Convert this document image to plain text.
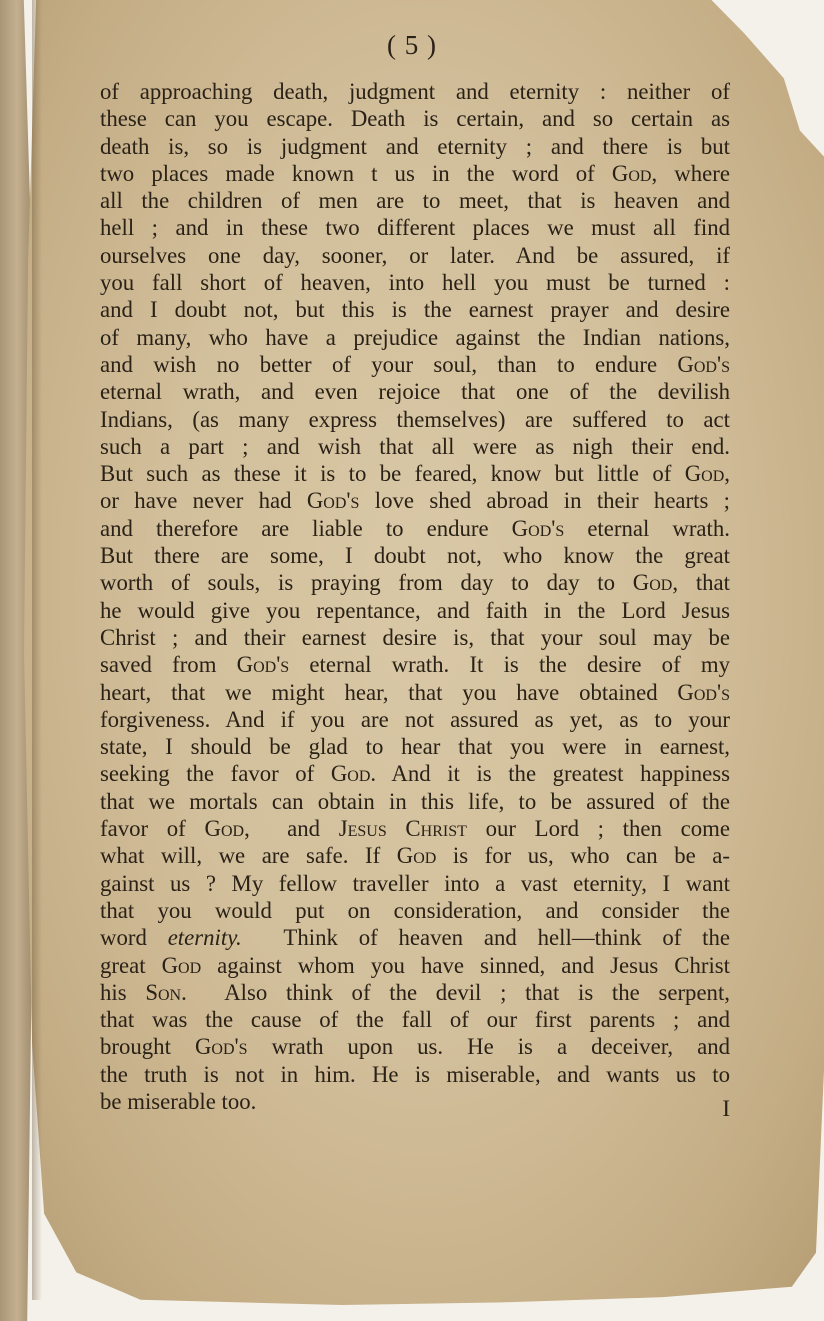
( 5 )
of approaching death, judgment and eternity : neither of
these can you escape. Death is certain, and so certain as
death is, so is judgment and eternity ; and there is but
two places made known t us in the word of God, where
all the children of men are to meet, that is heaven and
hell ; and in these two different places we must all find
ourselves one day, sooner, or later. And be assured, if
you fall short of heaven, into hell you must be turned :
and I doubt not, but this is the earnest prayer and desire
of many, who have a prejudice against the Indian nations,
and wish no better of your soul, than to endure God's
eternal wrath, and even rejoice that one of the devilish
Indians, (as many express themselves) are suffered to act
such a part ; and wish that all were as nigh their end.
But such as these it is to be feared, know but little of God,
or have never had God's love shed abroad in their hearts ;
and therefore are liable to endure God's eternal wrath.
But there are some, I doubt not, who know the great
worth of souls, is praying from day to day to God, that
he would give you repentance, and faith in the Lord Jesus
Christ ; and their earnest desire is, that your soul may be
saved from God's eternal wrath. It is the desire of my
heart, that we might hear, that you have obtained God's
forgiveness. And if you are not assured as yet, as to your
state, I should be glad to hear that you were in earnest,
seeking the favor of God. And it is the greatest happiness
that we mortals can obtain in this life, to be assured of the
favor of God,  and Jesus Christ our Lord ; then come
what will, we are safe. If God is for us, who can be a-
gainst us ? My fellow traveller into a vast eternity, I want
that you would put on consideration, and consider the
word eternity. Think of heaven and hell—think of the
great God against whom you have sinned, and Jesus Christ
his Son. Also think of the devil ; that is the serpent,
that was the cause of the fall of our first parents ; and
brought God's wrath upon us. He is a deceiver, and
the truth is not in him. He is miserable, and wants us to
be miserable too.	I
